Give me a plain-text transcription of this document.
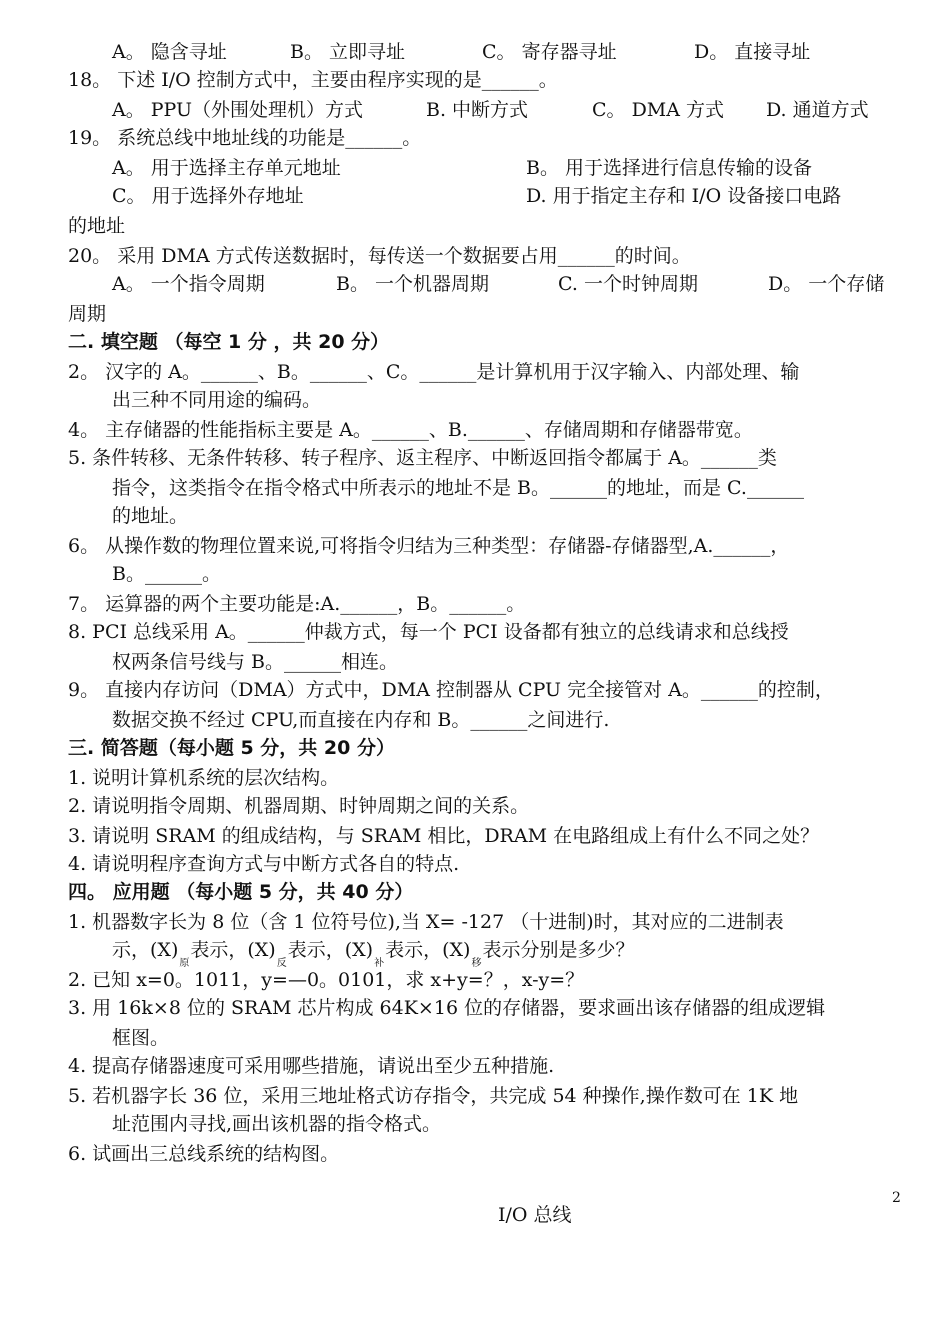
A。 隐含寻址	B。 立即寻址	C。 寄存器寻址	D。 直接寻址
18。 下述 I/O 控制方式中，主要由程序实现的是______。
A。 PPU（外围处理机）方式	B. 中断方式	C。 DMA 方式 D. 通道方式
19。 系统总线中地址线的功能是______。
A。 用于选择主存单元地址	B。 用于选择进行信息传输的设备
C。 用于选择外存地址	D. 用于指定主存和 I/O 设备接口电路
的地址
20。 采用 DMA 方式传送数据时，每传送一个数据要占用______的时间。
A。 一个指令周期	B。 一个机器周期	C. 一个时钟周期	D。 一个存储
周期
二. 填空题 （每空 1 分 ，共 20 分）
2。 汉字的 A。______、B。______、C。______是计算机用于汉字输入、内部处理、输
出三种不同用途的编码。
4。 主存储器的性能指标主要是 A。______、B.______、存储周期和存储器带宽。
5. 条件转移、无条件转移、转子程序、返主程序、中断返回指令都属于 A。______类
指令，这类指令在指令格式中所表示的地址不是 B。______的地址，而是 C.______
的地址。
6。 从操作数的物理位置来说,可将指令归结为三种类型：存储器-存储器型,A.______，
B。______。
7。 运算器的两个主要功能是:A.______，B。______。
8. PCI 总线采用 A。______仲裁方式，每一个 PCI 设备都有独立的总线请求和总线授
权两条信号线与 B。______相连。
9。 直接内存访问（DMA）方式中，DMA 控制器从 CPU 完全接管对 A。______的控制，
数据交换不经过 CPU,而直接在内存和 B。______之间进行.
三. 简答题（每小题 5 分，共 20 分）
1. 说明计算机系统的层次结构。
2. 请说明指令周期、机器周期、时钟周期之间的关系。
3. 请说明 SRAM 的组成结构，与 SRAM 相比，DRAM 在电路组成上有什么不同之处？
4. 请说明程序查询方式与中断方式各自的特点.
四。 应用题 （每小题 5 分，共 40 分）
1. 机器数字长为 8 位（含 1 位符号位),当 X= -127 （十进制)时，其对应的二进制表
示，$(X)_原$表示，$(X)_反$表示，$(X)_补$表示，$(X)_移$表示分别是多少？
2. 已知 x=0。1011，y=—0。0101，求 x+y=？，x-y=？
3. 用 16k×8 位的 SRAM 芯片构成 64K×16 位的存储器，要求画出该存储器的组成逻辑
框图。
4. 提高存储器速度可采用哪些措施，请说出至少五种措施.
5. 若机器字长 36 位，采用三地址格式访存指令，共完成 54 种操作,操作数可在 1K 地
址范围内寻找,画出该机器的指令格式。
6. 试画出三总线系统的结构图。
2
I/O 总线
